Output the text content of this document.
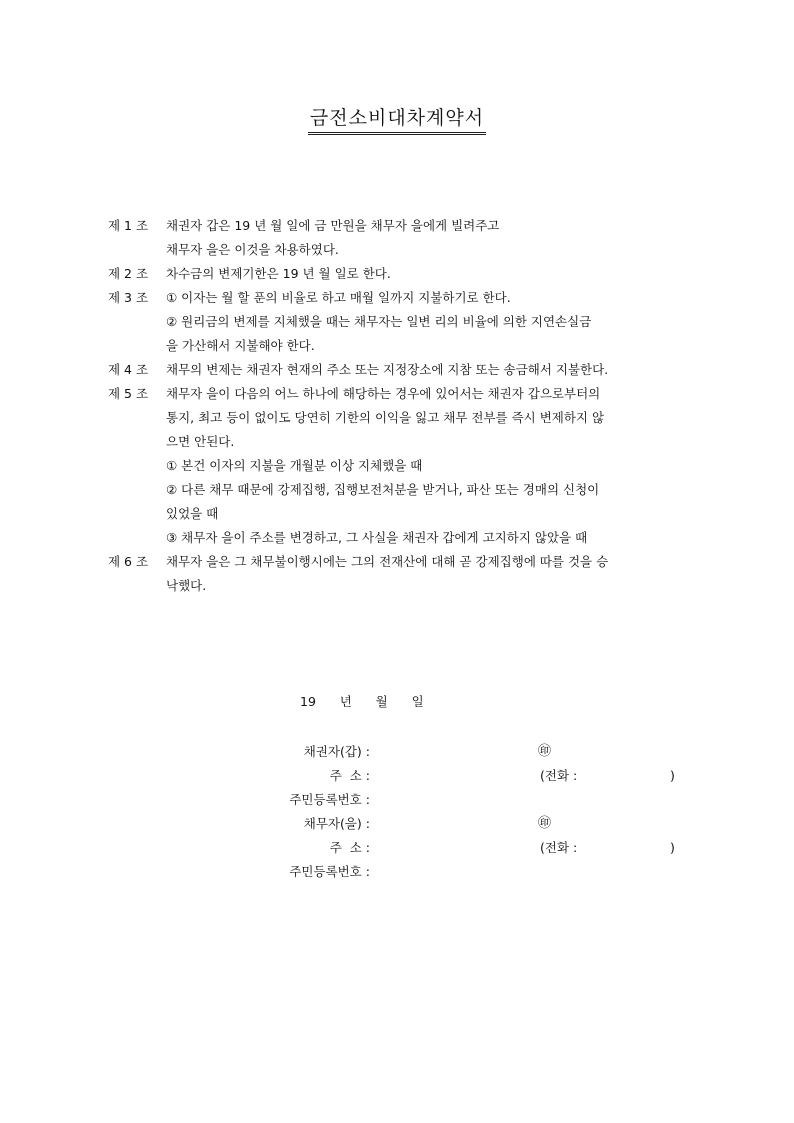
금전소비대차계약서
제 1 조	채권자 갑은 19 년 월 일에 금 만원을 채무자 을에게 빌려주고
채무자 을은 이것을 차용하였다.
제 2 조	차수금의 변제기한은 19 년 월 일로 한다.
제 3 조	① 이자는 월 할 푼의 비율로 하고 매월 일까지 지불하기로 한다.
② 원리금의 변제를 지체했을 때는 채무자는 일변 리의 비율에 의한 지연손실금
을 가산해서 지불해야 한다.
제 4 조	채무의 변제는 채권자 현재의 주소 또는 지정장소에 지참 또는 송금해서 지불한다.
제 5 조	채무자 을이 다음의 어느 하나에 해당하는 경우에 있어서는 채권자 갑으로부터의
통지, 최고 등이 없이도 당연히 기한의 이익을 잃고 채무 전부를 즉시 변제하지 않
으면 안된다.
① 본건 이자의 지불을 개월분 이상 지체했을 때
② 다른 채무 때문에 강제집행, 집행보전처분을 받거나, 파산 또는 경매의 신청이
있었을 때
③ 채무자 을이 주소를 변경하고, 그 사실을 채권자 갑에게 고지하지 않았을 때
제 6 조	채무자 을은 그 채무불이행시에는 그의 전재산에 대해 곧 강제집행에 따를 것을 승
낙했다.
19      년      월      일
채권자(갑) :	㊞
주  소 :	(전화 :	)
주민등록번호 :
채무자(을) :	㊞
주  소 :	(전화 :	)
주민등록번호 :
